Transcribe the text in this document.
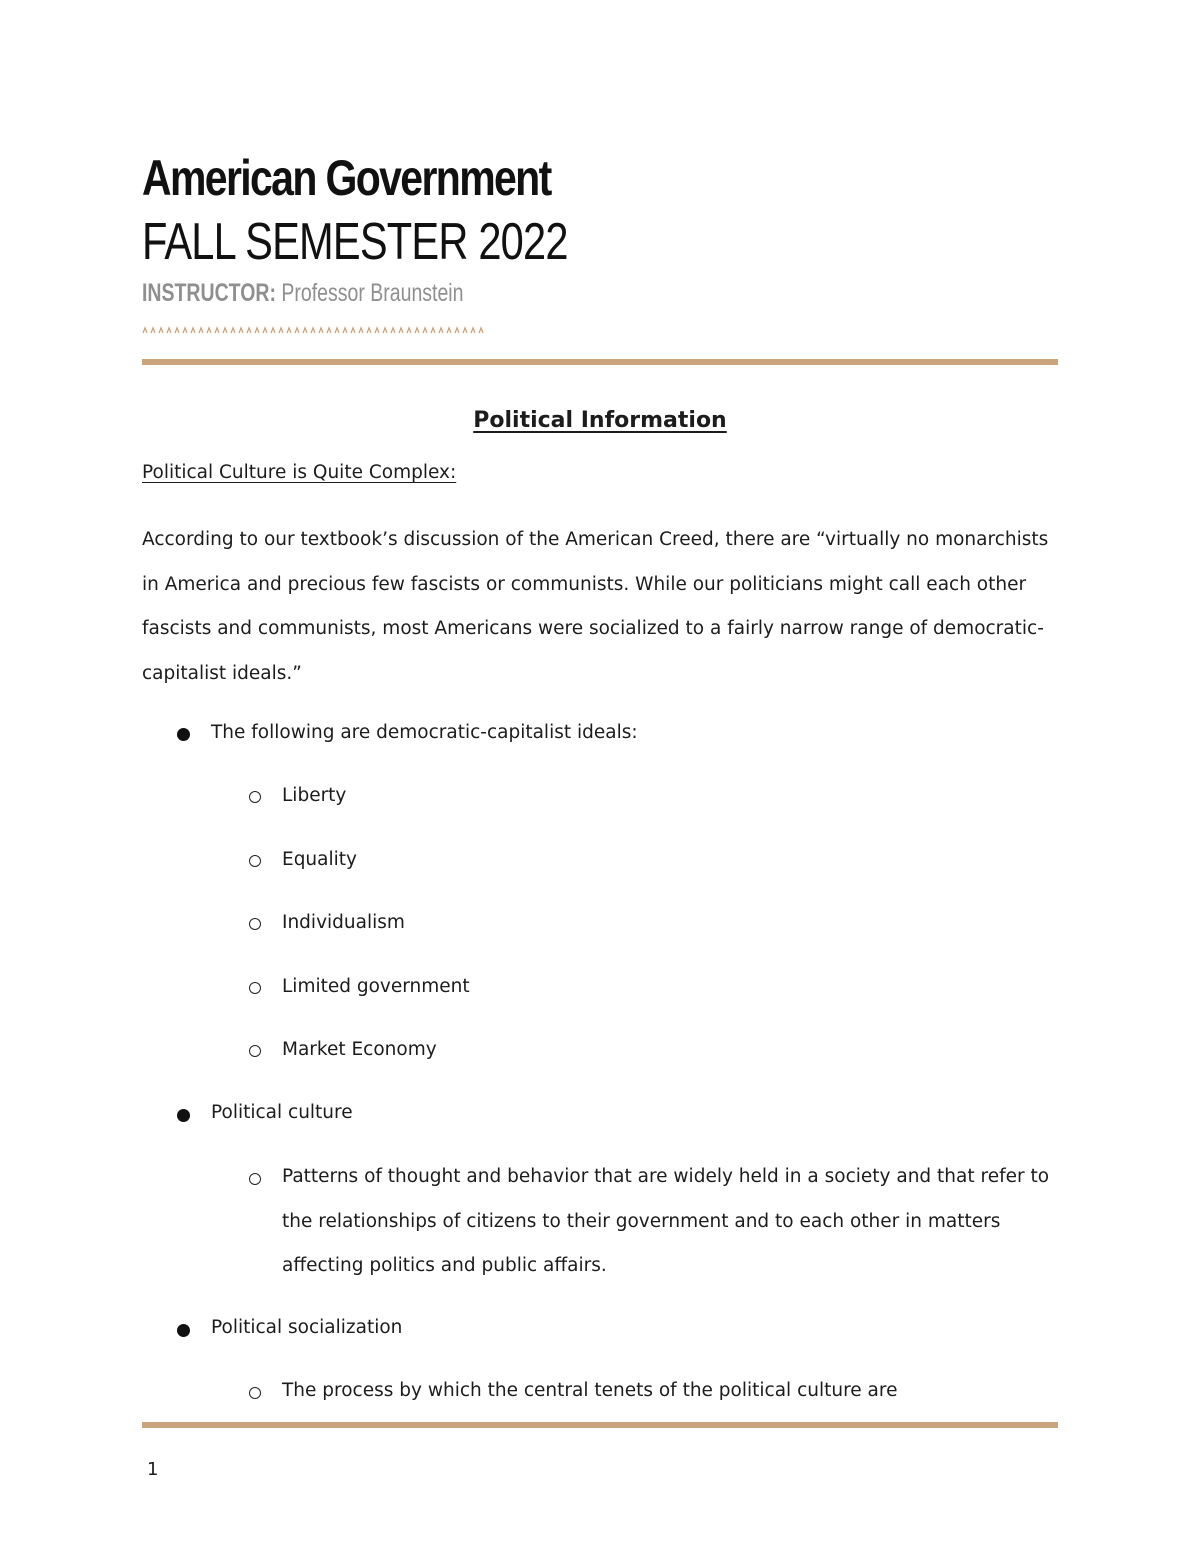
American Government
FALL SEMESTER 2022
INSTRUCTOR: Professor Braunstein
Political Information
Political Culture is Quite Complex:

According to our textbook’s discussion of the American Creed, there are “virtually no monarchists in America and precious few fascists or communists. While our politicians might call each other fascists and communists, most Americans were socialized to a fairly narrow range of democratic-capitalist ideals.”

The following are democratic-capitalist ideals:
Liberty
Equality
Individualism
Limited government
Market Economy
Political culture
Patterns of thought and behavior that are widely held in a society and that refer to the relationships of citizens to their government and to each other in matters affecting politics and public affairs.
Political socialization
The process by which the central tenets of the political culture are
1
